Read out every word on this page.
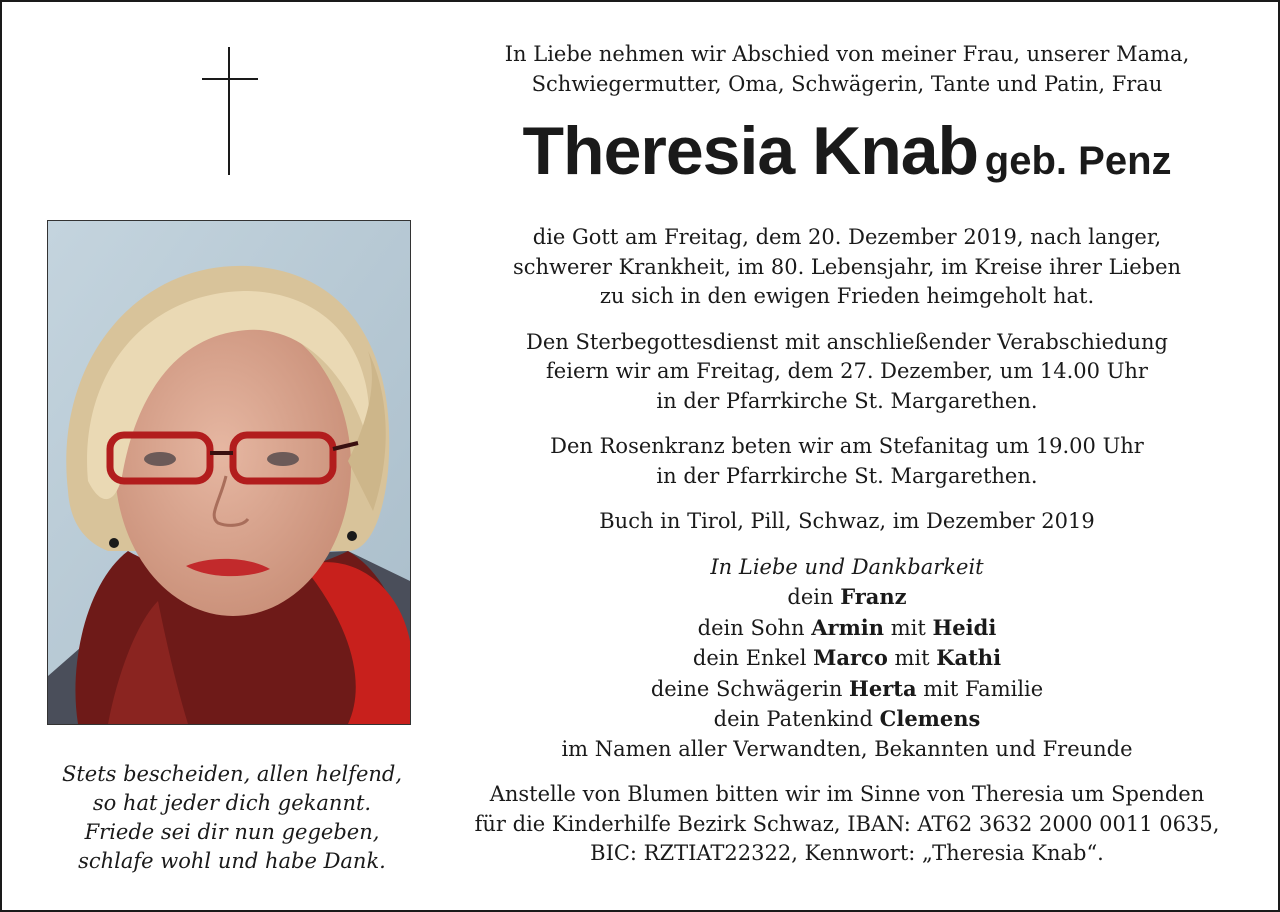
Stets bescheiden, allen helfend,
so hat jeder dich gekannt.
Friede sei dir nun gegeben,
schlafe wohl und habe Dank.
In Liebe nehmen wir Abschied von meiner Frau, unserer Mama,
Schwiegermutter, Oma, Schwägerin, Tante und Patin, Frau
Theresia Knab geb. Penz
die Gott am Freitag, dem 20. Dezember 2019, nach langer,
schwerer Krankheit, im 80. Lebensjahr, im Kreise ihrer Lieben
zu sich in den ewigen Frieden heimgeholt hat.
Den Sterbegottesdienst mit anschließender Verabschiedung
feiern wir am Freitag, dem 27. Dezember, um 14.00 Uhr
in der Pfarrkirche St. Margarethen.
Den Rosenkranz beten wir am Stefanitag um 19.00 Uhr
in der Pfarrkirche St. Margarethen.
Buch in Tirol, Pill, Schwaz, im Dezember 2019
In Liebe und Dankbarkeit
dein Franz
dein Sohn Armin mit Heidi
dein Enkel Marco mit Kathi
deine Schwägerin Herta mit Familie
dein Patenkind Clemens
im Namen aller Verwandten, Bekannten und Freunde
Anstelle von Blumen bitten wir im Sinne von Theresia um Spenden
für die Kinderhilfe Bezirk Schwaz, IBAN: AT62 3632 2000 0011 0635,
BIC: RZTIAT22322, Kennwort: „Theresia Knab“.
